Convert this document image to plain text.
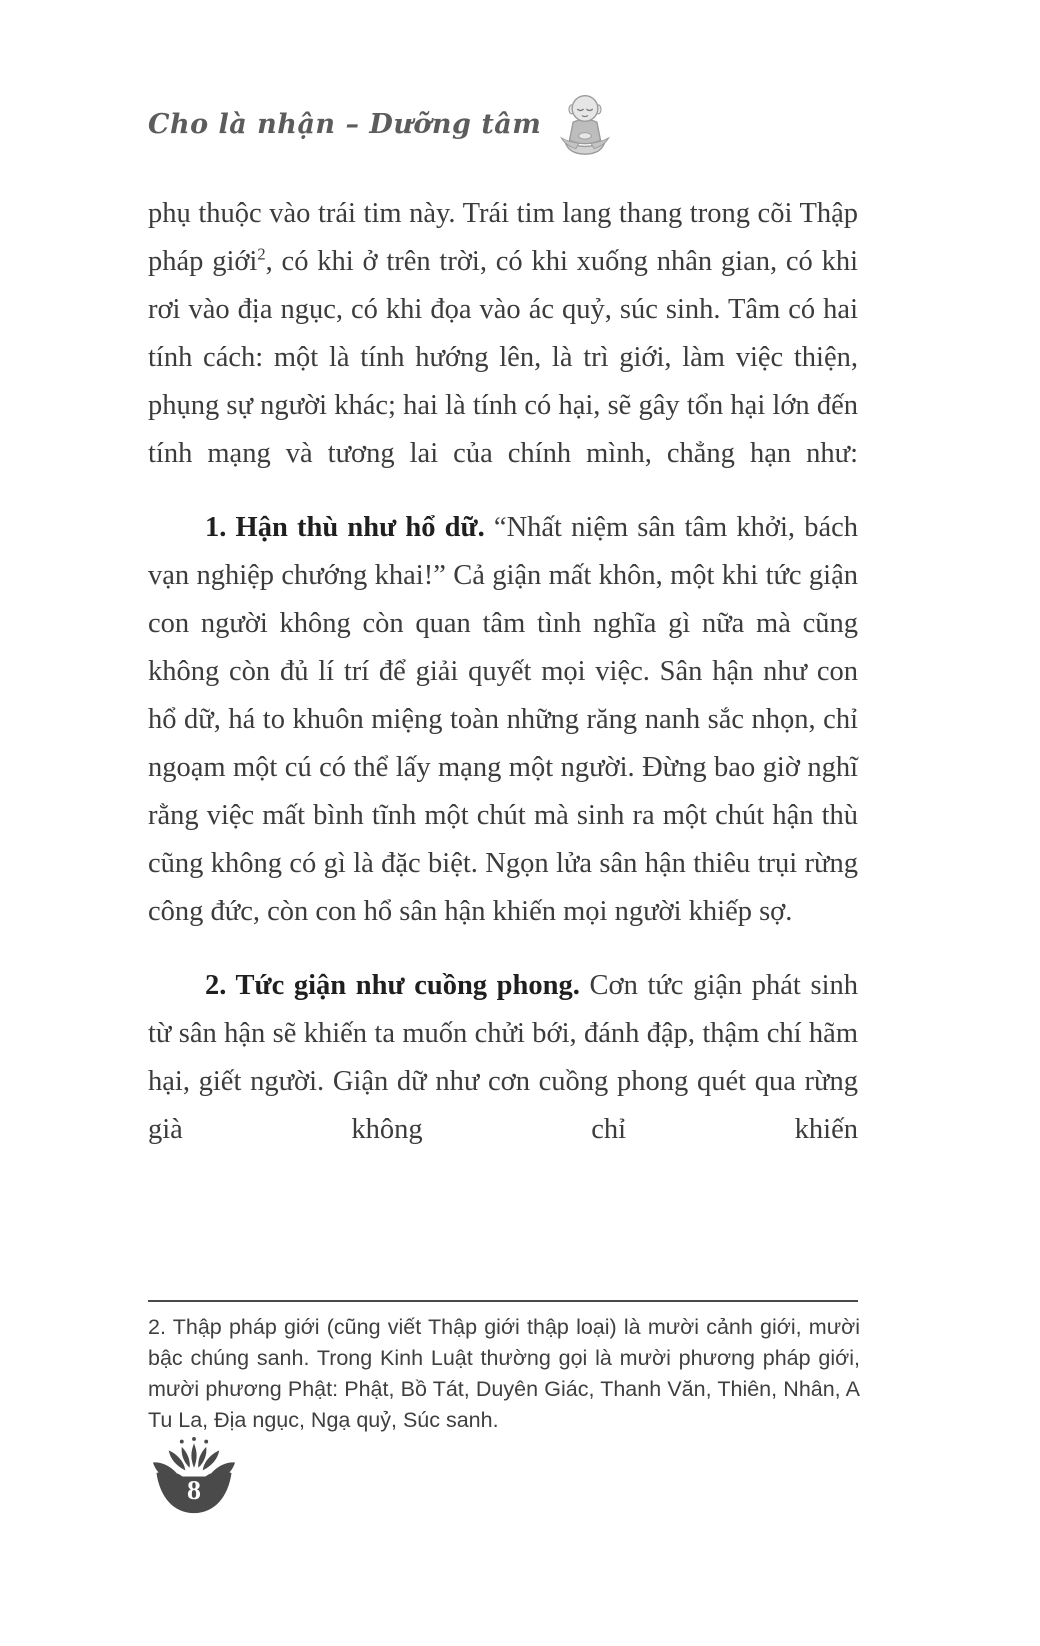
Cho là nhận – Dưỡng tâm

phụ thuộc vào trái tim này. Trái tim lang thang trong cõi Thập pháp giới$^2$, có khi ở trên trời, có khi xuống nhân gian, có khi rơi vào địa ngục, có khi đọa vào ác quỷ, súc sinh. Tâm có hai tính cách: một là tính hướng lên, là trì giới, làm việc thiện, phụng sự người khác; hai là tính có hại, sẽ gây tổn hại lớn đến tính mạng và tương lai của chính mình, chẳng hạn như:

1. Hận thù như hổ dữ. “Nhất niệm sân tâm khởi, bách vạn nghiệp chướng khai!” Cả giận mất khôn, một khi tức giận con người không còn quan tâm tình nghĩa gì nữa mà cũng không còn đủ lí trí để giải quyết mọi việc. Sân hận như con hổ dữ, há to khuôn miệng toàn những răng nanh sắc nhọn, chỉ ngoạm một cú có thể lấy mạng một người. Đừng bao giờ nghĩ rằng việc mất bình tĩnh một chút mà sinh ra một chút hận thù cũng không có gì là đặc biệt. Ngọn lửa sân hận thiêu trụi rừng công đức, còn con hổ sân hận khiến mọi người khiếp sợ.

2. Tức giận như cuồng phong. Cơn tức giận phát sinh từ sân hận sẽ khiến ta muốn chửi bới, đánh đập, thậm chí hãm hại, giết người. Giận dữ như cơn cuồng phong quét qua rừng già không chỉ khiến

2. Thập pháp giới (cũng viết Thập giới thập loại) là mười cảnh giới, mười bậc chúng sanh. Trong Kinh Luật thường gọi là mười phương pháp giới, mười phương Phật: Phật, Bồ Tát, Duyên Giác, Thanh Văn, Thiên, Nhân, A Tu La, Địa ngục, Ngạ quỷ, Súc sanh.

8
